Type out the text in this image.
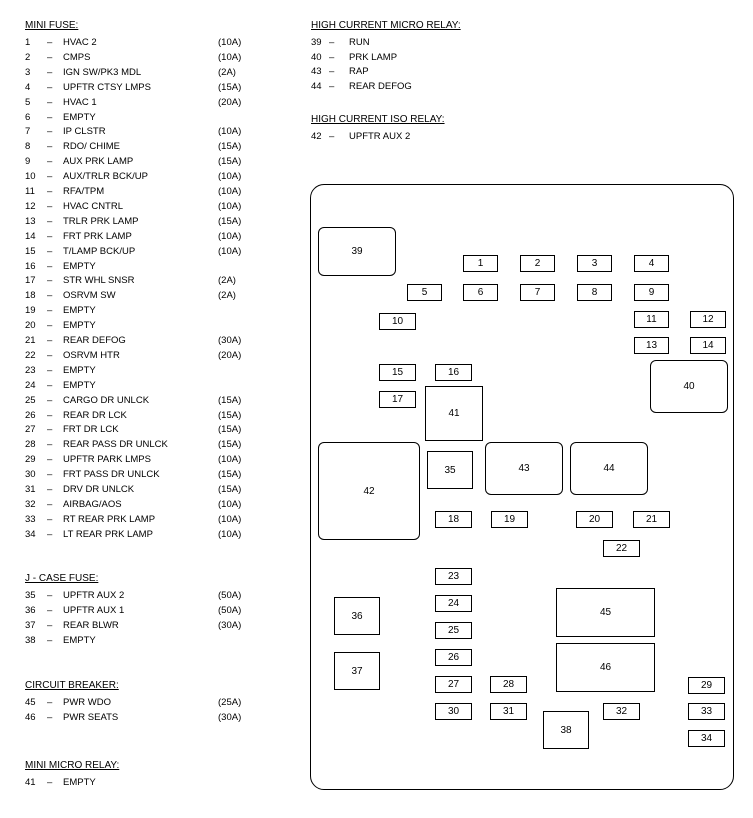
MINI FUSE:
1 – HVAC 2	(10A)
2 – CMPS	(10A)
3 – IGN SW/PK3 MDL	(2A)
4 – UPFTR CTSY LMPS	(15A)
5 – HVAC 1	(20A)
6 – EMPTY
7 – IP CLSTR	(10A)
8 – RDO/ CHIME	(15A)
9 – AUX PRK LAMP	(15A)
10 – AUX/TRLR BCK/UP	(10A)
11 – RFA/TPM	(10A)
12 – HVAC CNTRL	(10A)
13 – TRLR PRK LAMP	(15A)
14 – FRT PRK LAMP	(10A)
15 – T/LAMP BCK/UP	(10A)
16 – EMPTY
17 – STR WHL SNSR	(2A)
18 – OSRVM SW	(2A)
19 – EMPTY
20 – EMPTY
21 – REAR DEFOG	(30A)
22 – OSRVM HTR	(20A)
23 – EMPTY
24 – EMPTY
25 – CARGO DR UNLCK	(15A)
26 – REAR DR LCK	(15A)
27 – FRT DR LCK	(15A)
28 – REAR PASS DR UNLCK	(15A)
29 – UPFTR PARK LMPS	(10A)
30 – FRT PASS DR UNLCK	(15A)
31 – DRV DR UNLCK	(15A)
32 – AIRBAG/AOS	(10A)
33 – RT REAR PRK LAMP	(10A)
34 – LT REAR PRK LAMP	(10A)
J - CASE FUSE:
35 – UPFTR AUX 2	(50A)
36 – UPFTR AUX 1	(50A)
37 – REAR BLWR	(30A)
38 – EMPTY
CIRCUIT BREAKER:
45 – PWR WDO	(25A)
46 – PWR SEATS	(30A)
MINI MICRO RELAY:
41 – EMPTY
HIGH CURRENT MICRO RELAY:
39 – RUN
40 – PRK LAMP
43 – RAP
44 – REAR DEFOG
HIGH CURRENT ISO RELAY:
42 – UPFTR AUX 2
39
1	2	3	4
5	6	7	8	9
10	11	12
13	14
15	16
17
41
40
42
35	43	44
18	19	20	21
22
23
24
25
26
27
30
28
31
36
37
38
45
46
32
29
33
34
